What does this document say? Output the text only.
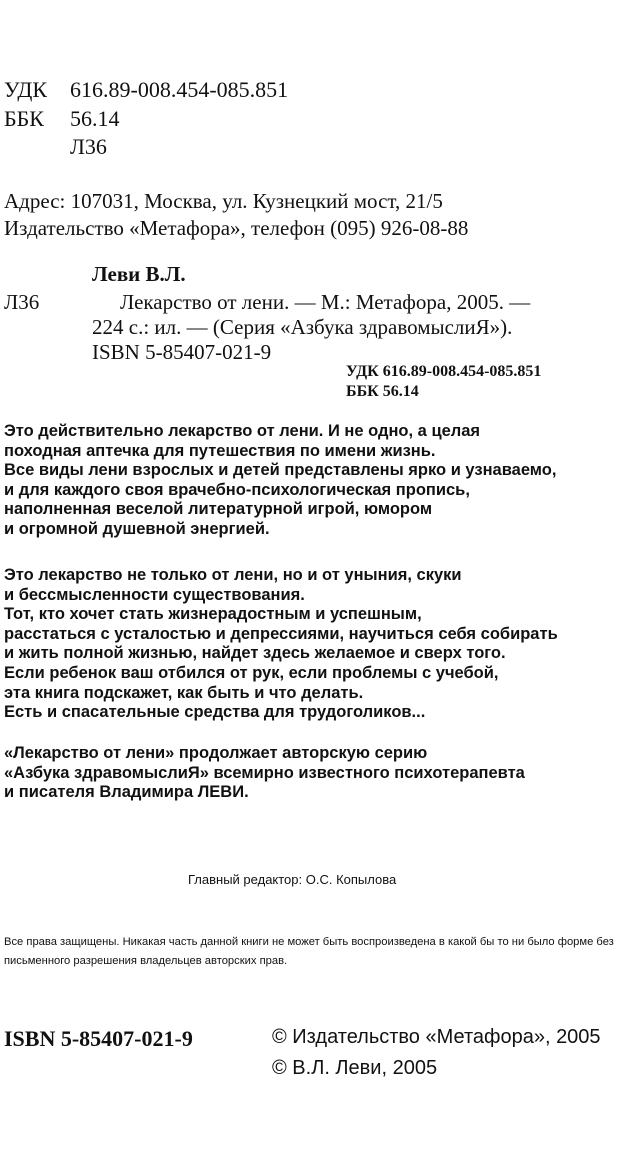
УДК 616.89-008.454-085.851
ББК 56.14
Л36
Адрес: 107031, Москва, ул. Кузнецкий мост, 21/5
Издательство «Метафора», телефон (095) 926-08-88
Леви В.Л.
Л36	Лекарство от лени. — М.: Метафора, 2005. —
224 с.: ил. — (Серия «Азбука здравомыслиЯ»).
ISBN 5-85407-021-9
УДК 616.89-008.454-085.851
ББК 56.14
Это действительно лекарство от лени. И не одно, а целая
походная аптечка для путешествия по имени жизнь.
Все виды лени взрослых и детей представлены ярко и узнаваемо,
и для каждого своя врачебно-психологическая пропись,
наполненная веселой литературной игрой, юмором
и огромной душевной энергией.
Это лекарство не только от лени, но и от уныния, скуки
и бессмысленности существования.
Тот, кто хочет стать жизнерадостным и успешным,
расстаться с усталостью и депрессиями, научиться себя собирать
и жить полной жизнью, найдет здесь желаемое и сверх того.
Если ребенок ваш отбился от рук, если проблемы с учебой,
эта книга подскажет, как быть и что делать.
Есть и спасательные средства для трудоголиков...
«Лекарство от лени» продолжает авторскую серию
«Азбука здравомыслиЯ» всемирно известного психотерапевта
и писателя Владимира ЛЕВИ.
Главный редактор: О.С. Копылова
Все права защищены. Никакая часть данной книги не может быть воспроизведена в какой бы то ни было форме без письменного разрешения владельцев авторских прав.
ISBN 5-85407-021-9	© Издательство «Метафора», 2005
© В.Л. Леви, 2005
